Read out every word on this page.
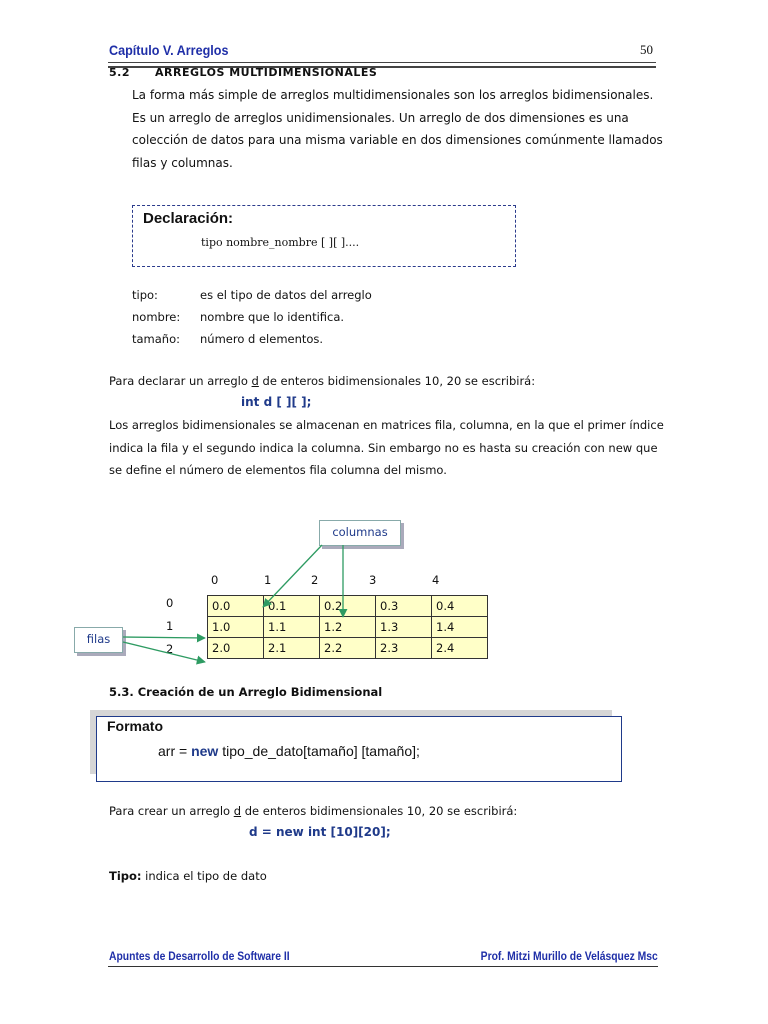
Capítulo V. Arreglos	50
5.2 ARREGLOS MULTIDIMENSIONALES
La forma más simple de arreglos multidimensionales son los arreglos bidimensionales.
Es un arreglo de arreglos unidimensionales. Un arreglo de dos dimensiones es una
colección de datos para una misma variable en dos dimensiones comúnmente llamados
filas y columnas.
Declaración:
tipo nombre_nombre [ ][ ]....
tipo:	es el tipo de datos del arreglo
nombre: nombre que lo identifica.
tamaño: número d elementos.
Para declarar un arreglo d de enteros bidimensionales 10, 20 se escribirá:
int d [ ][ ];
Los arreglos bidimensionales se almacenan en matrices fila, columna, en la que el primer índice
indica la fila y el segundo indica la columna. Sin embargo no es hasta su creación con new que
se define el número de elementos fila columna del mismo.
columnas
filas
0	1	2	3	4
0
1
2
0.0	0.1	0.2	0.3	0.4
1.0	1.1	1.2	1.3	1.4
2.0	2.1	2.2	2.3	2.4
5.3. Creación de un Arreglo Bidimensional
Formato
arr = new tipo_de_dato[tamaño] [tamaño];
Para crear un arreglo d de enteros bidimensionales 10, 20 se escribirá:
d = new int [10][20];
Tipo: indica el tipo de dato
Apuntes de Desarrollo de Software II	Prof. Mitzi Murillo de Velásquez Msc
